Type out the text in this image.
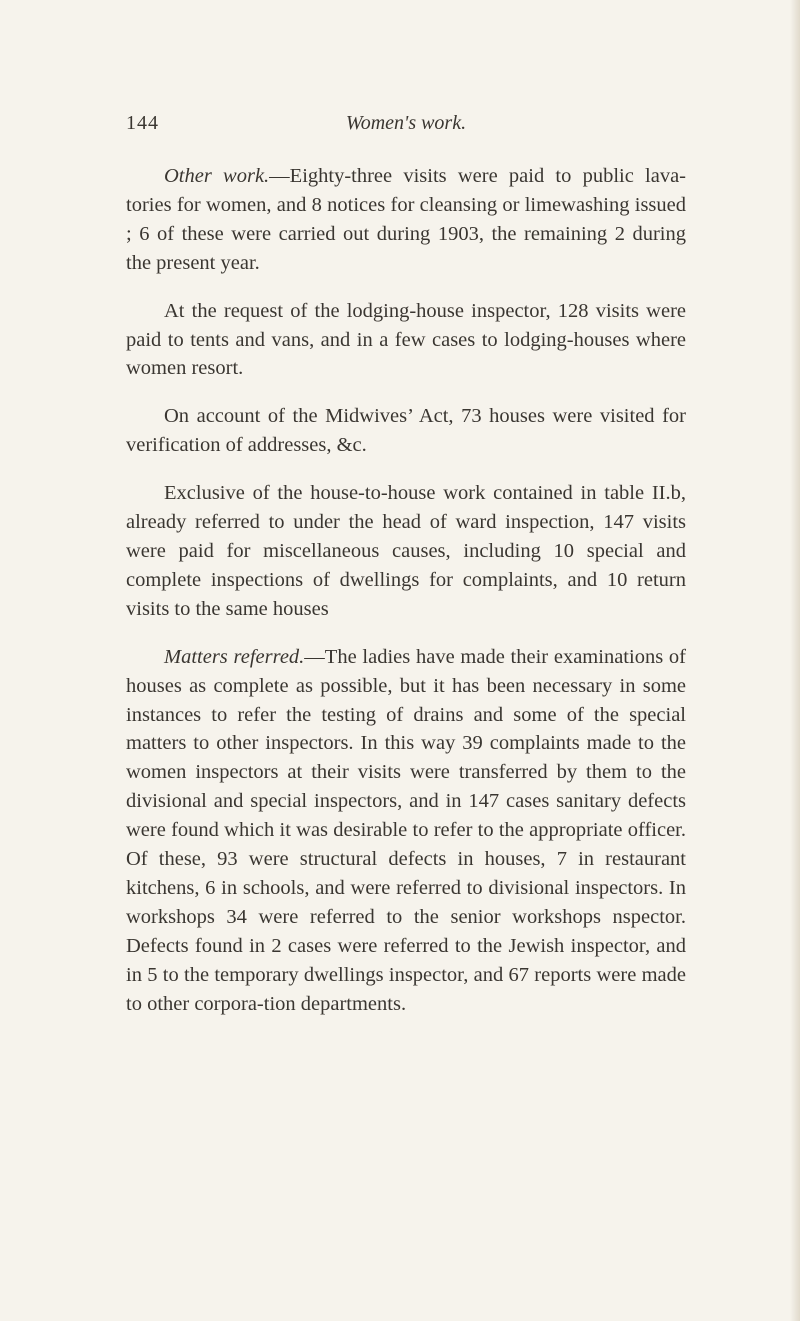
144	Women's work.

Other work.—Eighty-three visits were paid to public lava-tories for women, and 8 notices for cleansing or limewashing issued ; 6 of these were carried out during 1903, the remaining 2 during the present year.

At the request of the lodging-house inspector, 128 visits were paid to tents and vans, and in a few cases to lodging-houses where women resort.

On account of the Midwives’ Act, 73 houses were visited for verification of addresses, &c.

Exclusive of the house-to-house work contained in table II.b, already referred to under the head of ward inspection, 147 visits were paid for miscellaneous causes, including 10 special and complete inspections of dwellings for complaints, and 10 return visits to the same houses

Matters referred.—The ladies have made their examinations of houses as complete as possible, but it has been necessary in some instances to refer the testing of drains and some of the special matters to other inspectors. In this way 39 complaints made to the women inspectors at their visits were transferred by them to the divisional and special inspectors, and in 147 cases sanitary defects were found which it was desirable to refer to the appropriate officer. Of these, 93 were structural defects in houses, 7 in restaurant kitchens, 6 in schools, and were referred to divisional inspectors. In workshops 34 were referred to the senior workshops nspector. Defects found in 2 cases were referred to the Jewish inspector, and in 5 to the temporary dwellings inspector, and 67 reports were made to other corpora-tion departments.
